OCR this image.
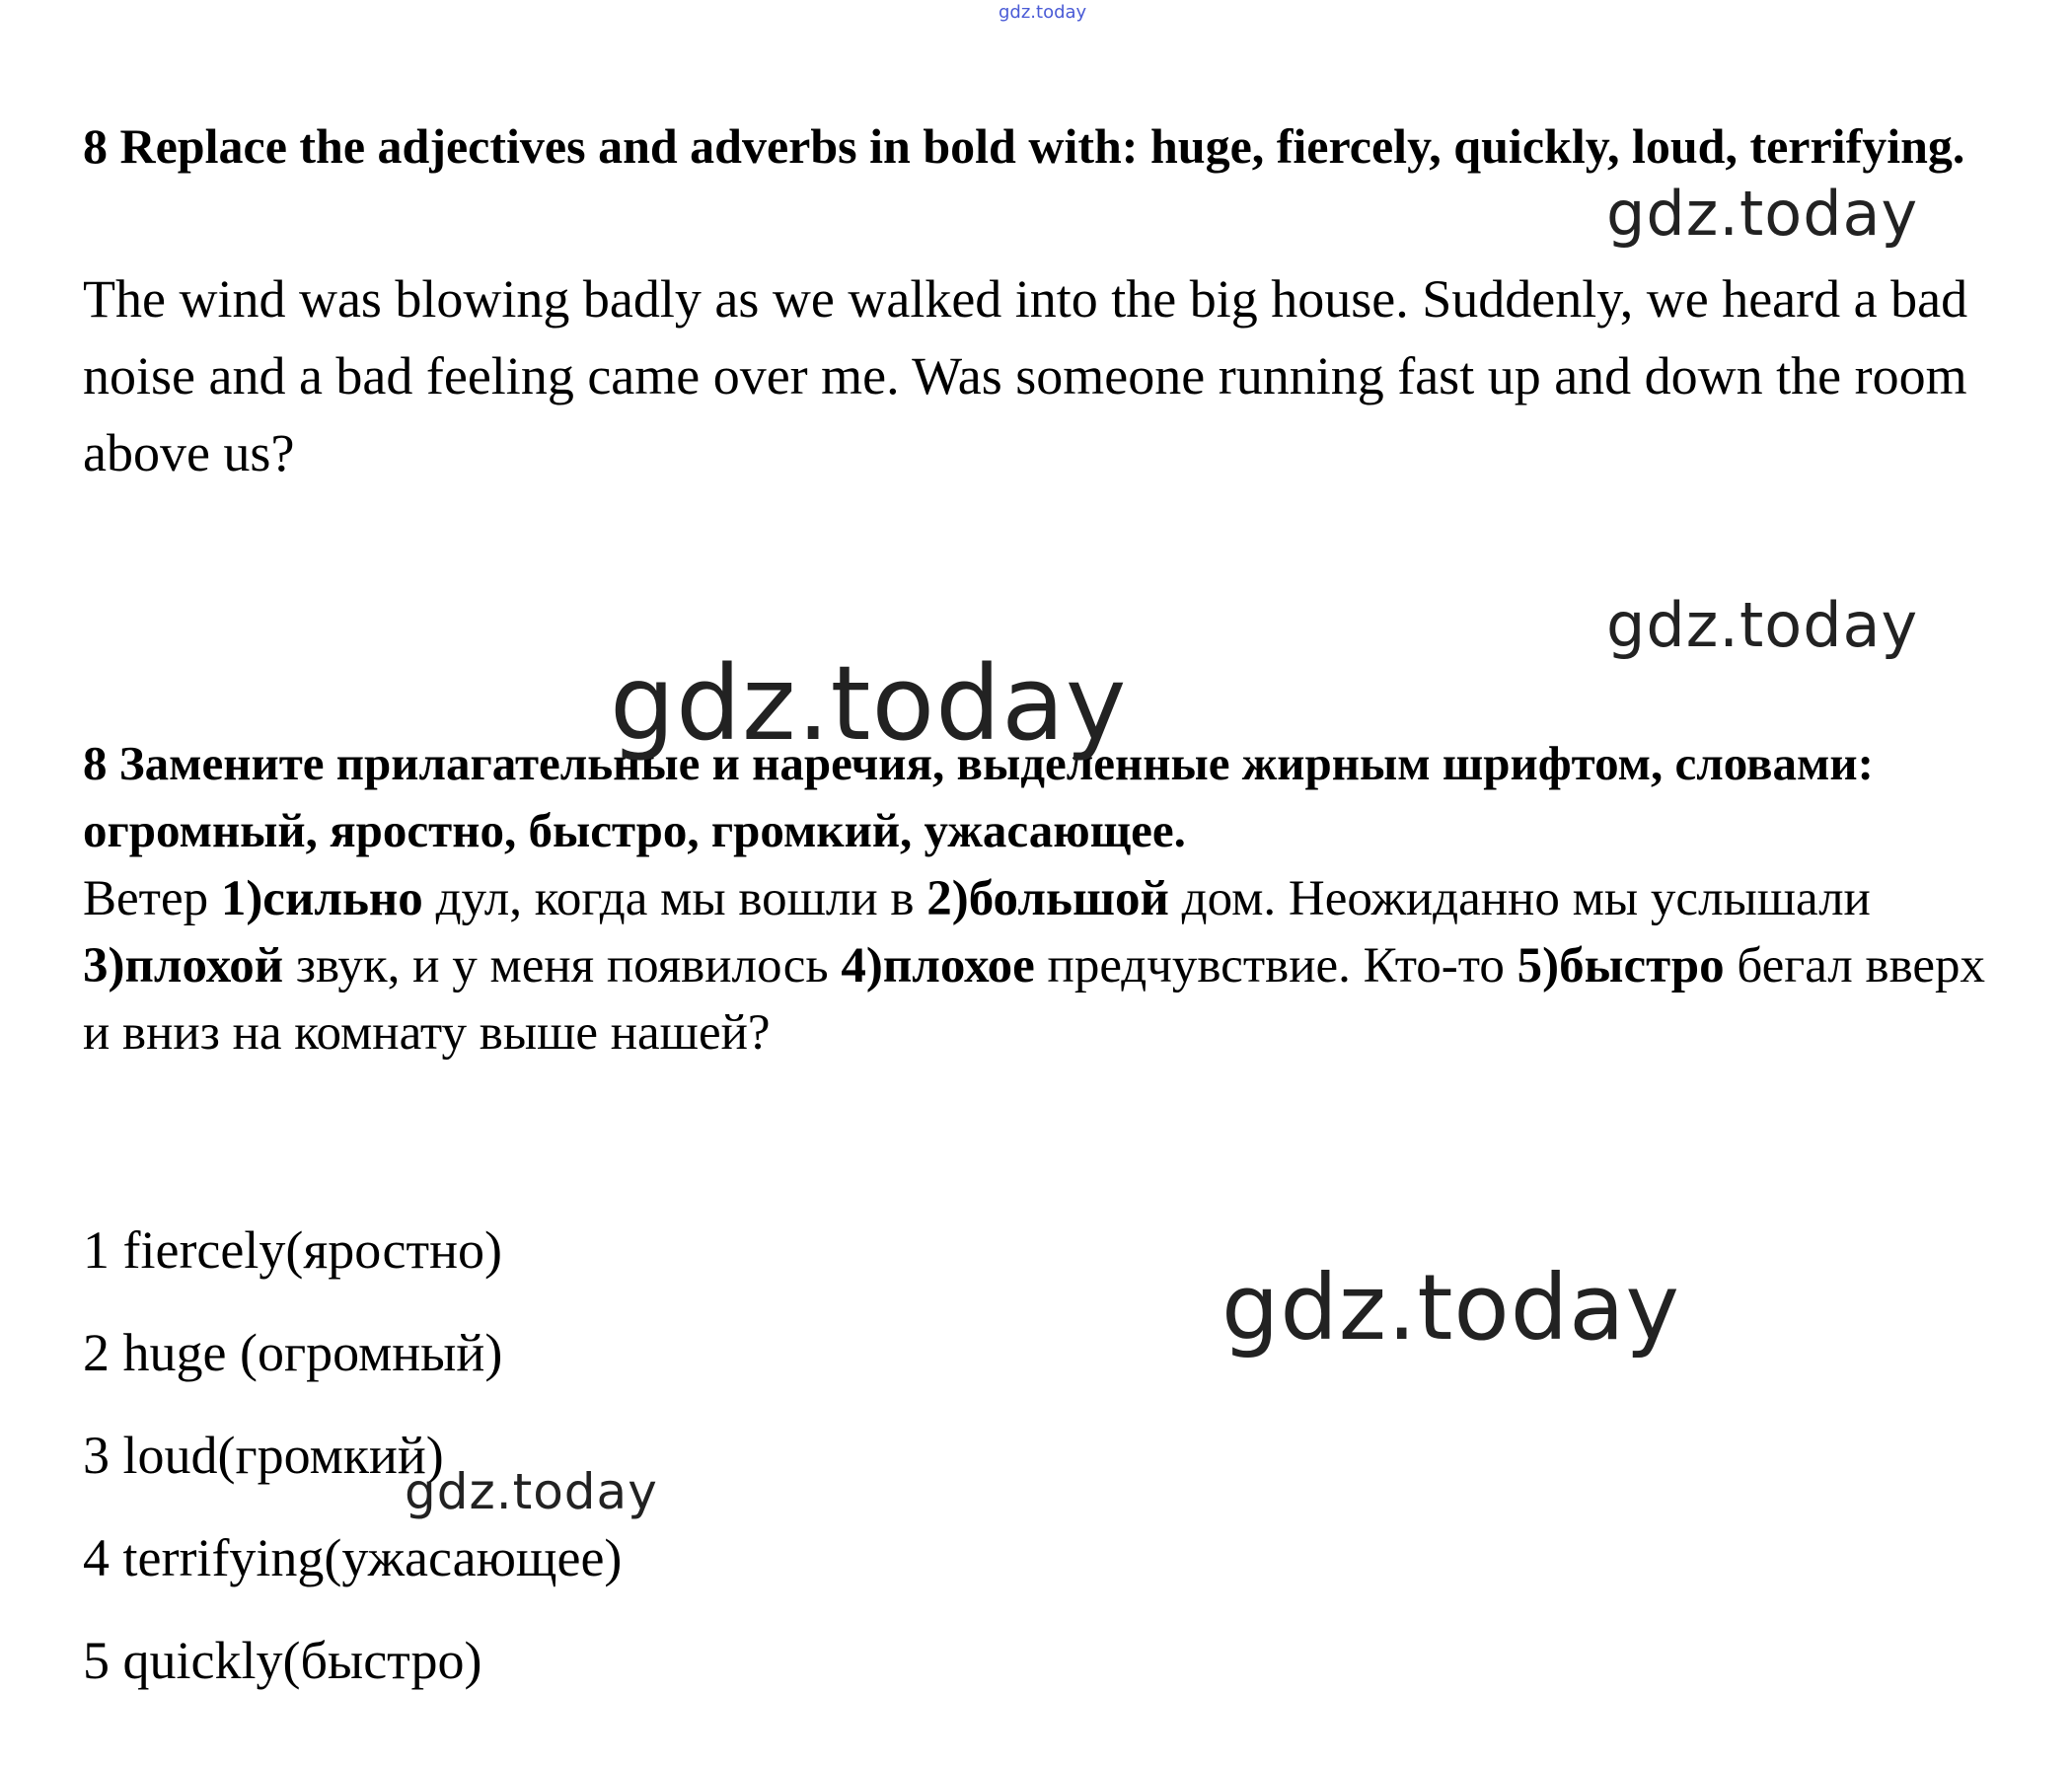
gdz.today

8 Replace the adjectives and adverbs in bold with: huge, fiercely, quickly, loud, terrifying.

The wind was blowing badly as we walked into the big house. Suddenly, we heard a bad noise and a bad feeling came over me. Was someone running fast up and down the room above us?

8 Замените прилагательные и наречия, выделенные жирным шрифтом, словами: огромный, яростно, быстро, громкий, ужасающее.

Ветер 1)сильно дул, когда мы вошли в 2)большой дом. Неожиданно мы услышали 3)плохой звук, и у меня появилось 4)плохое предчувствие. Кто-то 5)быстро бегал вверх и вниз на комнату выше нашей?

1 fiercely(яростно)
2 huge (огромный)
3 loud(громкий)
4 terrifying(ужасающее)
5 quickly(быстро)
gdz.today
gdz.today
gdz.today
gdz.today
gdz.today
